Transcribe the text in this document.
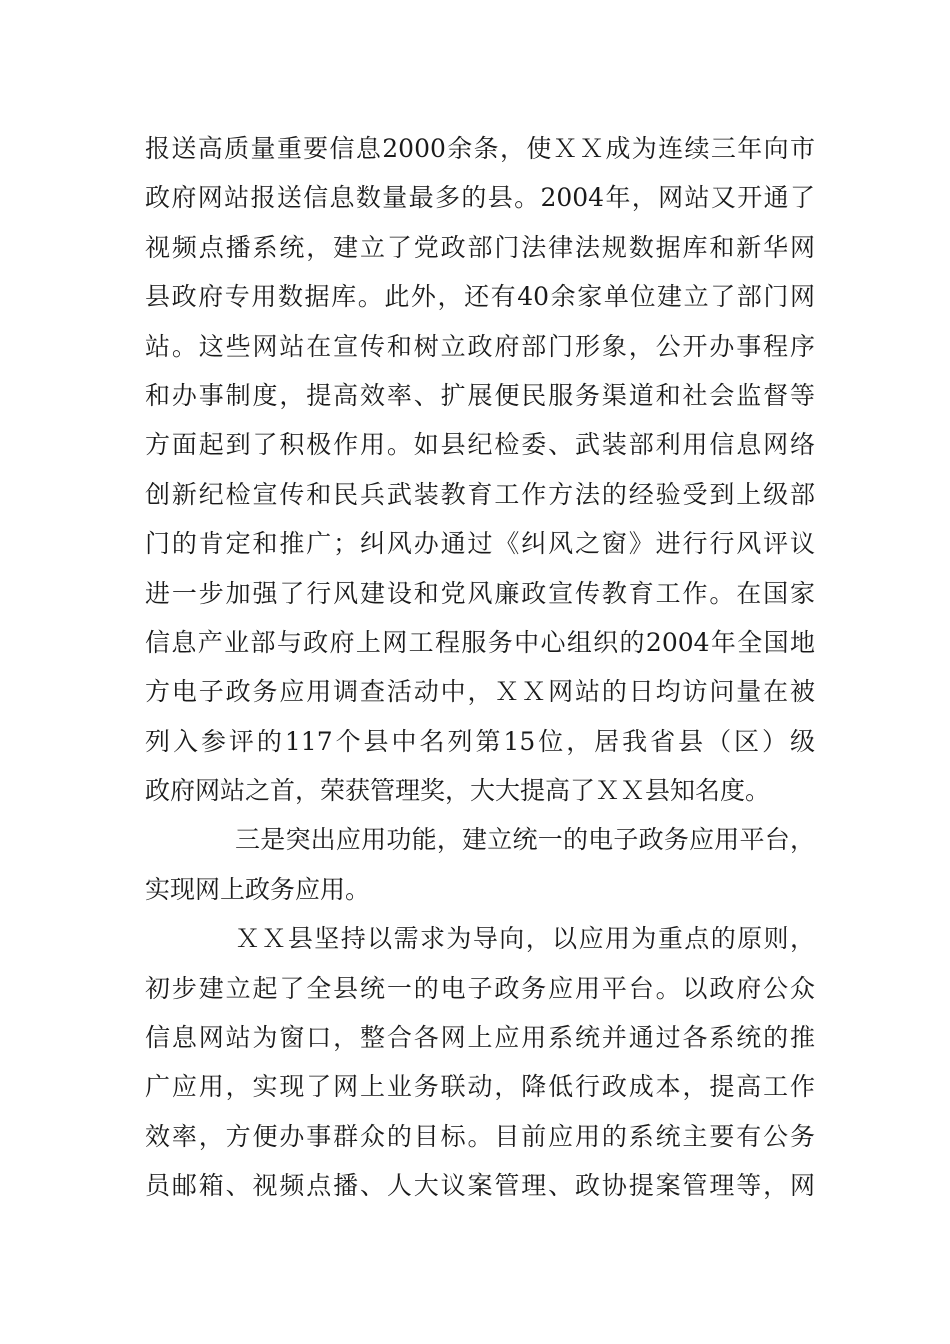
报送高质量重要信息2000余条，使ＸＸ成为连续三年向市
政府网站报送信息数量最多的县。2004年，网站又开通了
视频点播系统，建立了党政部门法律法规数据库和新华网
县政府专用数据库。此外，还有40余家单位建立了部门网
站。这些网站在宣传和树立政府部门形象，公开办事程序
和办事制度，提高效率、扩展便民服务渠道和社会监督等
方面起到了积极作用。如县纪检委、武装部利用信息网络
创新纪检宣传和民兵武装教育工作方法的经验受到上级部
门的肯定和推广；纠风办通过《纠风之窗》进行行风评议
进一步加强了行风建设和党风廉政宣传教育工作。在国家
信息产业部与政府上网工程服务中心组织的2004年全国地
方电子政务应用调查活动中，ＸＸ网站的日均访问量在被
列入参评的117个县中名列第15位，居我省县（区）级
政府网站之首，荣获管理奖，大大提高了ＸＸ县知名度。
三是突出应用功能，建立统一的电子政务应用平台，
实现网上政务应用。
ＸＸ县坚持以需求为导向，以应用为重点的原则，
初步建立起了全县统一的电子政务应用平台。以政府公众
信息网站为窗口，整合各网上应用系统并通过各系统的推
广应用，实现了网上业务联动，降低行政成本，提高工作
效率，方便办事群众的目标。目前应用的系统主要有公务
员邮箱、视频点播、人大议案管理、政协提案管理等，网
